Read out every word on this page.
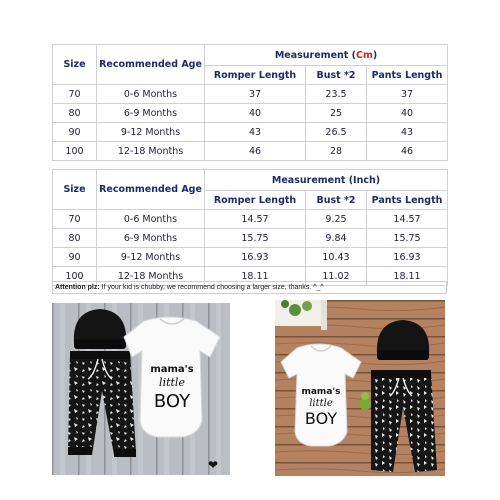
Size	Recommended Age	Measurement (Cm)		
		Romper Length	Bust *2	Pants Length
70	0-6 Months	37	23.5	37
80	6-9 Months	40	25	40
90	9-12 Months	43	26.5	43
100	12-18 Months	46	28	46
Size	Recommended Age	Measurement (Inch)		
		Romper Length	Bust *2	Pants Length
70	0-6 Months	14.57	9.25	14.57
80	6-9 Months	15.75	9.84	15.75
90	9-12 Months	16.93	10.43	16.93
100	12-18 Months	18.11	11.02	18.11
Attention plz: If your kid is chubby, we recommend choosing a larger size, thanks. ^_^
mama's
little
BOY
❤
mama's
little
BOY
